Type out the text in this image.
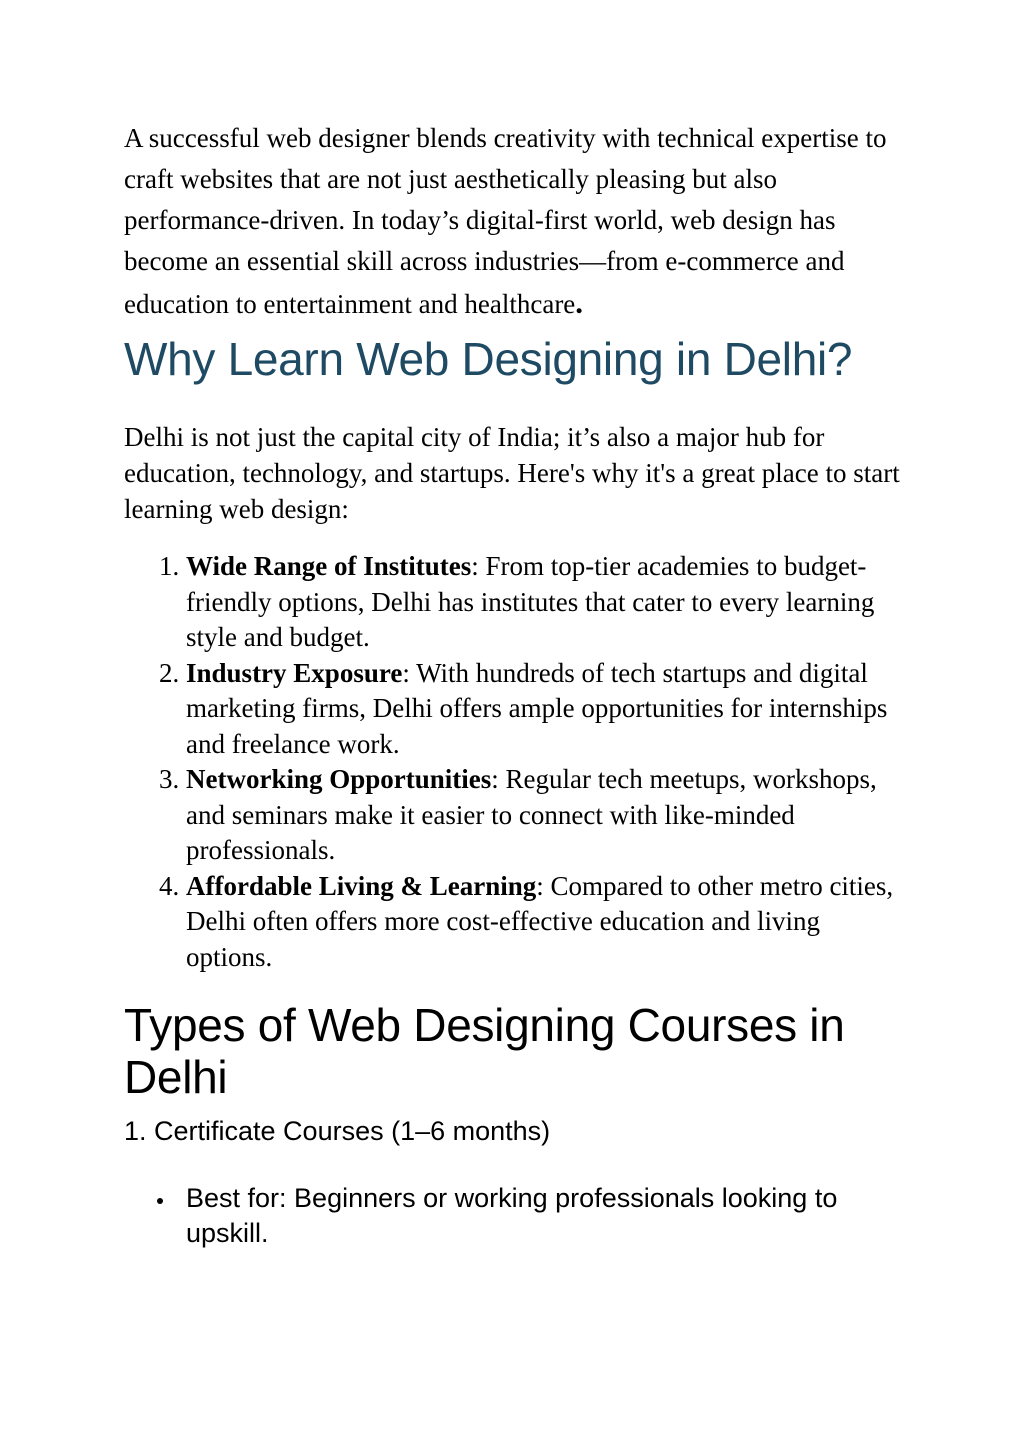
A successful web designer blends creativity with technical expertise to craft websites that are not just aesthetically pleasing but also performance-driven. In today’s digital-first world, web design has become an essential skill across industries—from e-commerce and education to entertainment and healthcare.

Why Learn Web Designing in Delhi?

Delhi is not just the capital city of India; it’s also a major hub for education, technology, and startups. Here's why it's a great place to start learning web design:

1. Wide Range of Institutes: From top-tier academies to budget-friendly options, Delhi has institutes that cater to every learning style and budget.
2. Industry Exposure: With hundreds of tech startups and digital marketing firms, Delhi offers ample opportunities for internships and freelance work.
3. Networking Opportunities: Regular tech meetups, workshops, and seminars make it easier to connect with like-minded professionals.
4. Affordable Living & Learning: Compared to other metro cities, Delhi often offers more cost-effective education and living options.
Types of Web Designing Courses in Delhi
1. Certificate Courses (1–6 months)
Best for: Beginners or working professionals looking to upskill.
